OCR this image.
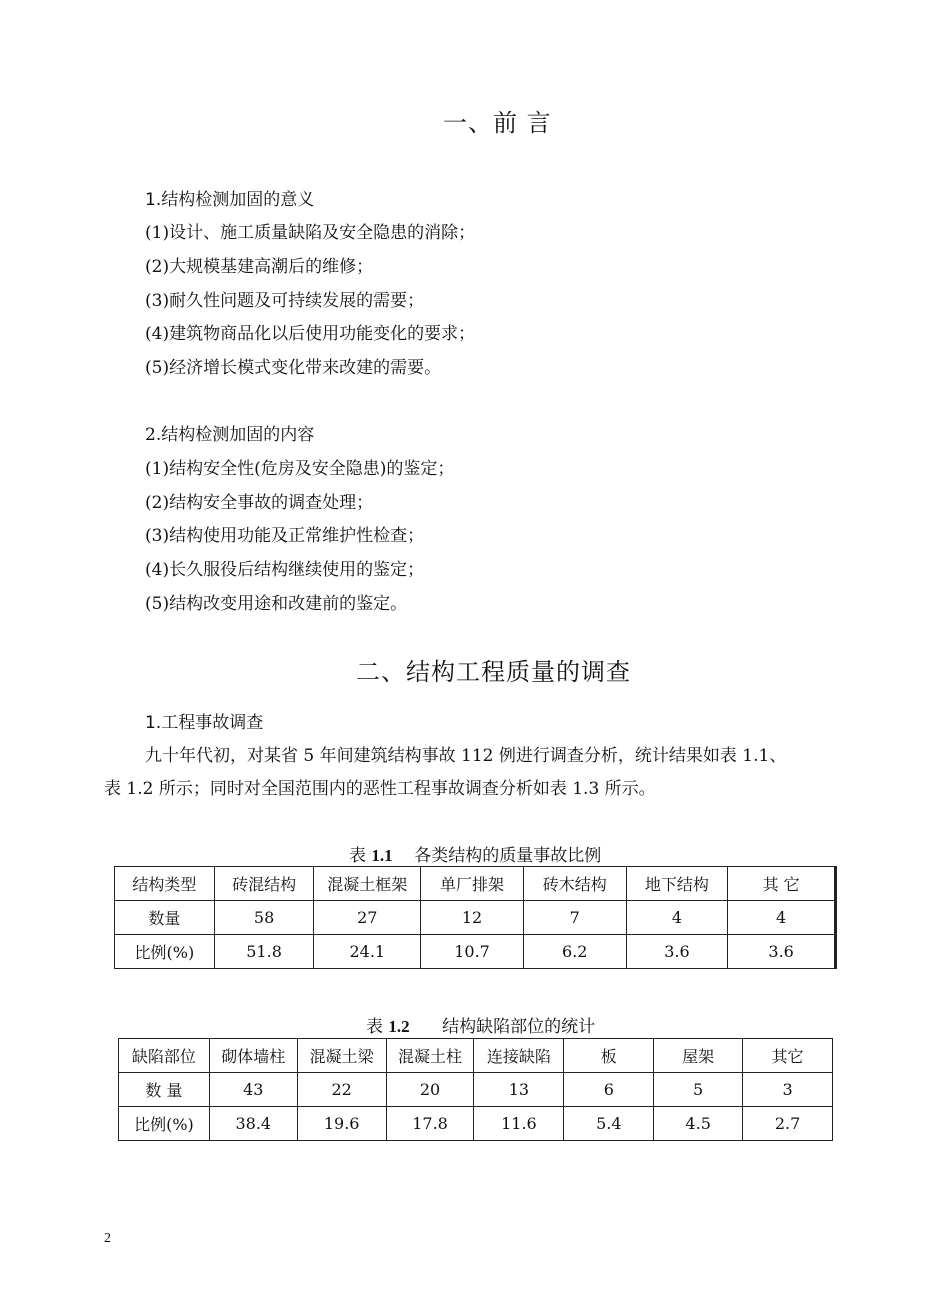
一、前 言
1.结构检测加固的意义
(1)设计、施工质量缺陷及安全隐患的消除；
(2)大规模基建高潮后的维修；
(3)耐久性问题及可持续发展的需要；
(4)建筑物商品化以后使用功能变化的要求；
(5)经济增长模式变化带来改建的需要。
2.结构检测加固的内容
(1)结构安全性(危房及安全隐患)的鉴定；
(2)结构安全事故的调查处理；
(3)结构使用功能及正常维护性检查；
(4)长久服役后结构继续使用的鉴定；
(5)结构改变用途和改建前的鉴定。
二、结构工程质量的调查
1.工程事故调查
九十年代初，对某省 5 年间建筑结构事故 112 例进行调查分析，统计结果如表 1.1、
表 1.2 所示；同时对全国范围内的恶性工程事故调查分析如表 1.3 所示。
表 1.1 各类结构的质量事故比例
结构类型	砖混结构	混凝土框架	单厂排架	砖木结构	地下结构	其 它
数量	58	27	12	7	4	4
比例(%)	51.8	24.1	10.7	6.2	3.6	3.6
表 1.2 结构缺陷部位的统计
缺陷部位	砌体墙柱	混凝土梁	混凝土柱	连接缺陷	板	屋架	其它
数 量	43	22	20	13	6	5	3
比例(%)	38.4	19.6	17.8	11.6	5.4	4.5	2.7
2
